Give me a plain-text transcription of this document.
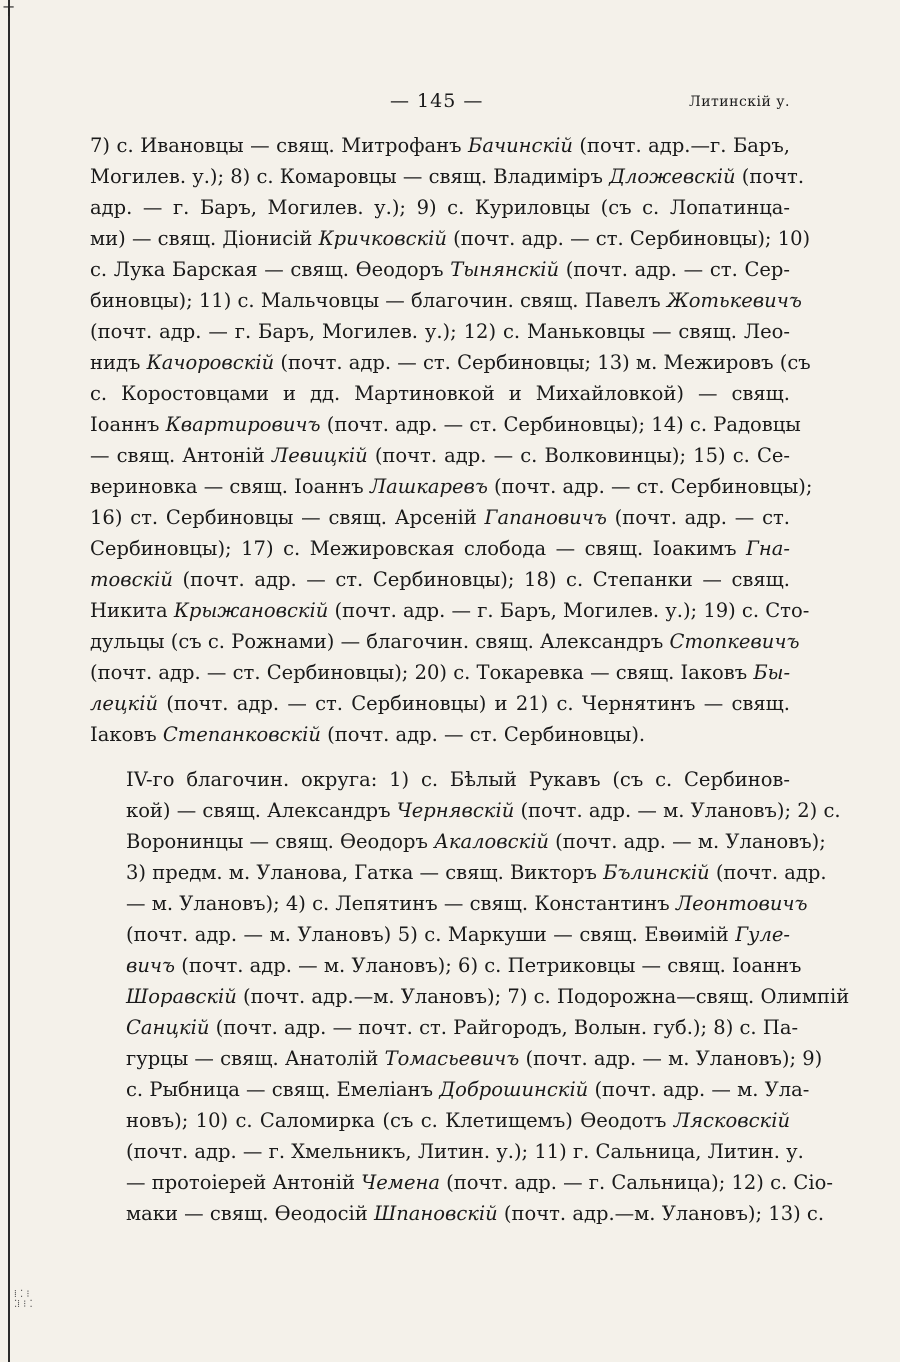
⊤
⁞ ⁚ ⁝
⁚⁞ ⁝ ⁚
— 145 —	Литинскій у.
7) с. Ивановцы — свящ. Митрофанъ Бачинскій (почт. адр.—г. Баръ,
Могилев. у.); 8) с. Комаровцы — свящ. Владиміръ Дложевскій (почт.
адр. — г. Баръ, Могилев. у.); 9) с. Куриловцы (съ с. Лопатинца-
ми) — свящ. Діонисій Кричковскій (почт. адр. — ст. Сербиновцы); 10)
с. Лука Барская — свящ. Өеодоръ Тынянскій (почт. адр. — ст. Сер-
биновцы); 11) с. Мальчовцы — благочин. свящ. Павелъ Жотькевичъ
(почт. адр. — г. Баръ, Могилев. у.); 12) с. Маньковцы — свящ. Лео-
нидъ Качоровскій (почт. адр. — ст. Сербиновцы; 13) м. Межировъ (съ
с. Коростовцами и дд. Мартиновкой и Михайловкой) — свящ.
Іоаннъ Квартировичъ (почт. адр. — ст. Сербиновцы); 14) с. Радовцы
— свящ. Антоній Левицкій (почт. адр. — с. Волковинцы); 15) с. Се-
вериновка — свящ. Іоаннъ Лашкаревъ (почт. адр. — ст. Сербиновцы);
16) ст. Сербиновцы — свящ. Арсеній Гапановичъ (почт. адр. — ст.
Сербиновцы); 17) с. Межировская слобода — свящ. Іоакимъ Гна-
товскій (почт. адр. — ст. Сербиновцы); 18) с. Степанки — свящ.
Никита Крыжановскій (почт. адр. — г. Баръ, Могилев. у.); 19) с. Сто-
дульцы (съ с. Рожнами) — благочин. свящ. Александръ Стопкевичъ
(почт. адр. — ст. Сербиновцы); 20) с. Токаревка — свящ. Іаковъ Бы-
лецкій (почт. адр. — ст. Сербиновцы) и 21) с. Чернятинъ — свящ.
Іаковъ Степанковскій (почт. адр. — ст. Сербиновцы).
IV-го благочин. округа: 1) с. Бѣлый Рукавъ (съ с. Сербинов-
кой) — свящ. Александръ Чернявскій (почт. адр. — м. Улановъ); 2) с.
Воронинцы — свящ. Өеодоръ Акаловскій (почт. адр. — м. Улановъ);
3) предм. м. Уланова, Гатка — свящ. Викторъ Бълинскій (почт. адр.
— м. Улановъ); 4) с. Лепятинъ — свящ. Константинъ Леонтовичъ
(почт. адр. — м. Улановъ) 5) с. Маркуши — свящ. Евөимій Гуле-
вичъ (почт. адр. — м. Улановъ); 6) с. Петриковцы — свящ. Іоаннъ
Шоравскій (почт. адр.—м. Улановъ); 7) с. Подорожна—свящ. Олимпій
Санцкій (почт. адр. — почт. ст. Райгородъ, Волын. губ.); 8) с. Па-
гурцы — свящ. Анатолій Томасьевичъ (почт. адр. — м. Улановъ); 9)
с. Рыбница — свящ. Емеліанъ Доброшинскій (почт. адр. — м. Ула-
новъ); 10) с. Саломирка (съ с. Клетищемъ) Өеодотъ Лясковскій
(почт. адр. — г. Хмельникъ, Литин. у.); 11) г. Сальница, Литин. у.
— протоіерей Антоній Чемена (почт. адр. — г. Сальница); 12) с. Сіо-
маки — свящ. Өеодосій Шпановскій (почт. адр.—м. Улановъ); 13) с.
